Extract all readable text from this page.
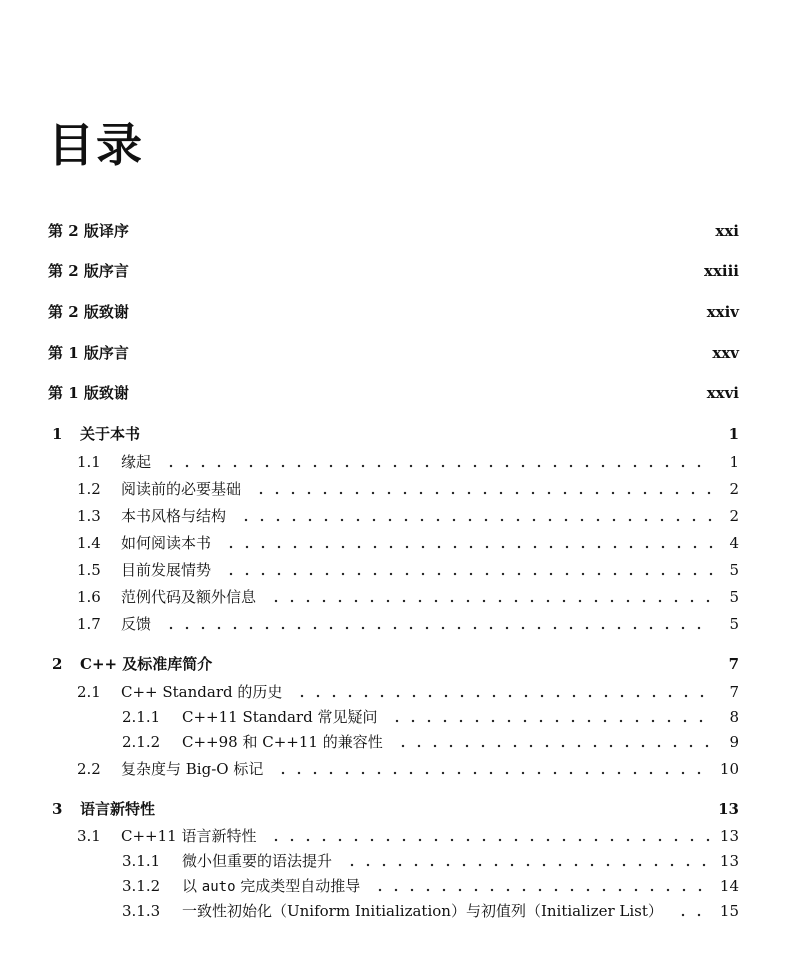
目录
第 2 版译序	xxi
第 2 版序言	xxiii
第 2 版致谢	xxiv
第 1 版序言	xxv
第 1 版致谢	xxvi
1	关于本书	1
1.1	缘起	1
1.2	阅读前的必要基础	2
1.3	本书风格与结构	2
1.4	如何阅读本书	4
1.5	目前发展情势	5
1.6	范例代码及额外信息	5
1.7	反馈	5
2	C++ 及标准库简介	7
2.1	C++ Standard 的历史	7
2.1.1	C++11 Standard 常见疑问	8
2.1.2	C++98 和 C++11 的兼容性	9
2.2	复杂度与 Big-O 标记	10
3	语言新特性	13
3.1	C++11 语言新特性	13
3.1.1	微小但重要的语法提升	13
3.1.2	以 auto 完成类型自动推导	14
3.1.3	一致性初始化（Uniform Initialization）与初值列（Initializer List）	15
